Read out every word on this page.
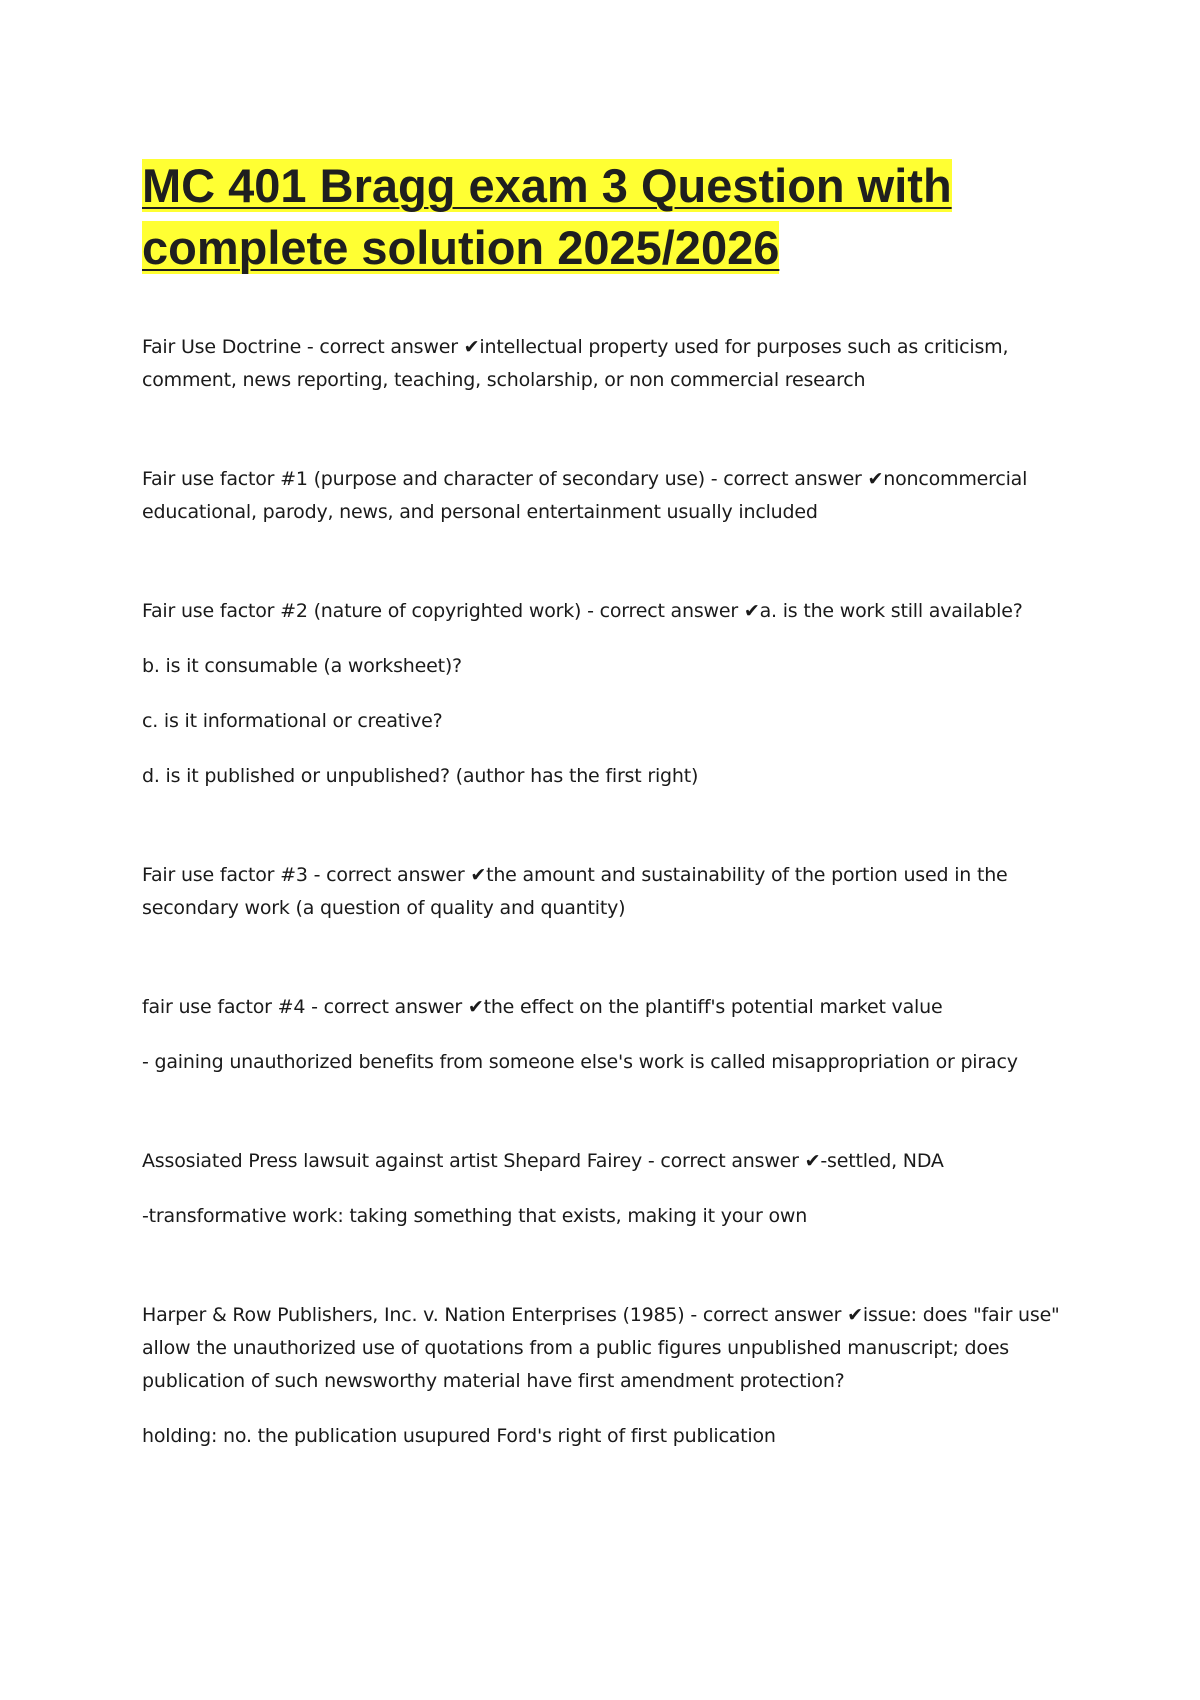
MC 401 Bragg exam 3 Question with complete solution 2025/2026

Fair Use Doctrine - correct answer ✔intellectual property used for purposes such as criticism, comment, news reporting, teaching, scholarship, or non commercial research

Fair use factor #1 (purpose and character of secondary use) - correct answer ✔noncommercial educational, parody, news, and personal entertainment usually included

Fair use factor #2 (nature of copyrighted work) - correct answer ✔a. is the work still available?

b. is it consumable (a worksheet)?

c. is it informational or creative?

d. is it published or unpublished? (author has the first right)

Fair use factor #3 - correct answer ✔the amount and sustainability of the portion used in the secondary work (a question of quality and quantity)

fair use factor #4 - correct answer ✔the effect on the plantiff's potential market value

- gaining unauthorized benefits from someone else's work is called misappropriation or piracy

Assosiated Press lawsuit against artist Shepard Fairey - correct answer ✔-settled, NDA

-transformative work: taking something that exists, making it your own

Harper & Row Publishers, Inc. v. Nation Enterprises (1985) - correct answer ✔issue: does "fair use" allow the unauthorized use of quotations from a public figures unpublished manuscript; does publication of such newsworthy material have first amendment protection?

holding: no. the publication usupured Ford's right of first publication
